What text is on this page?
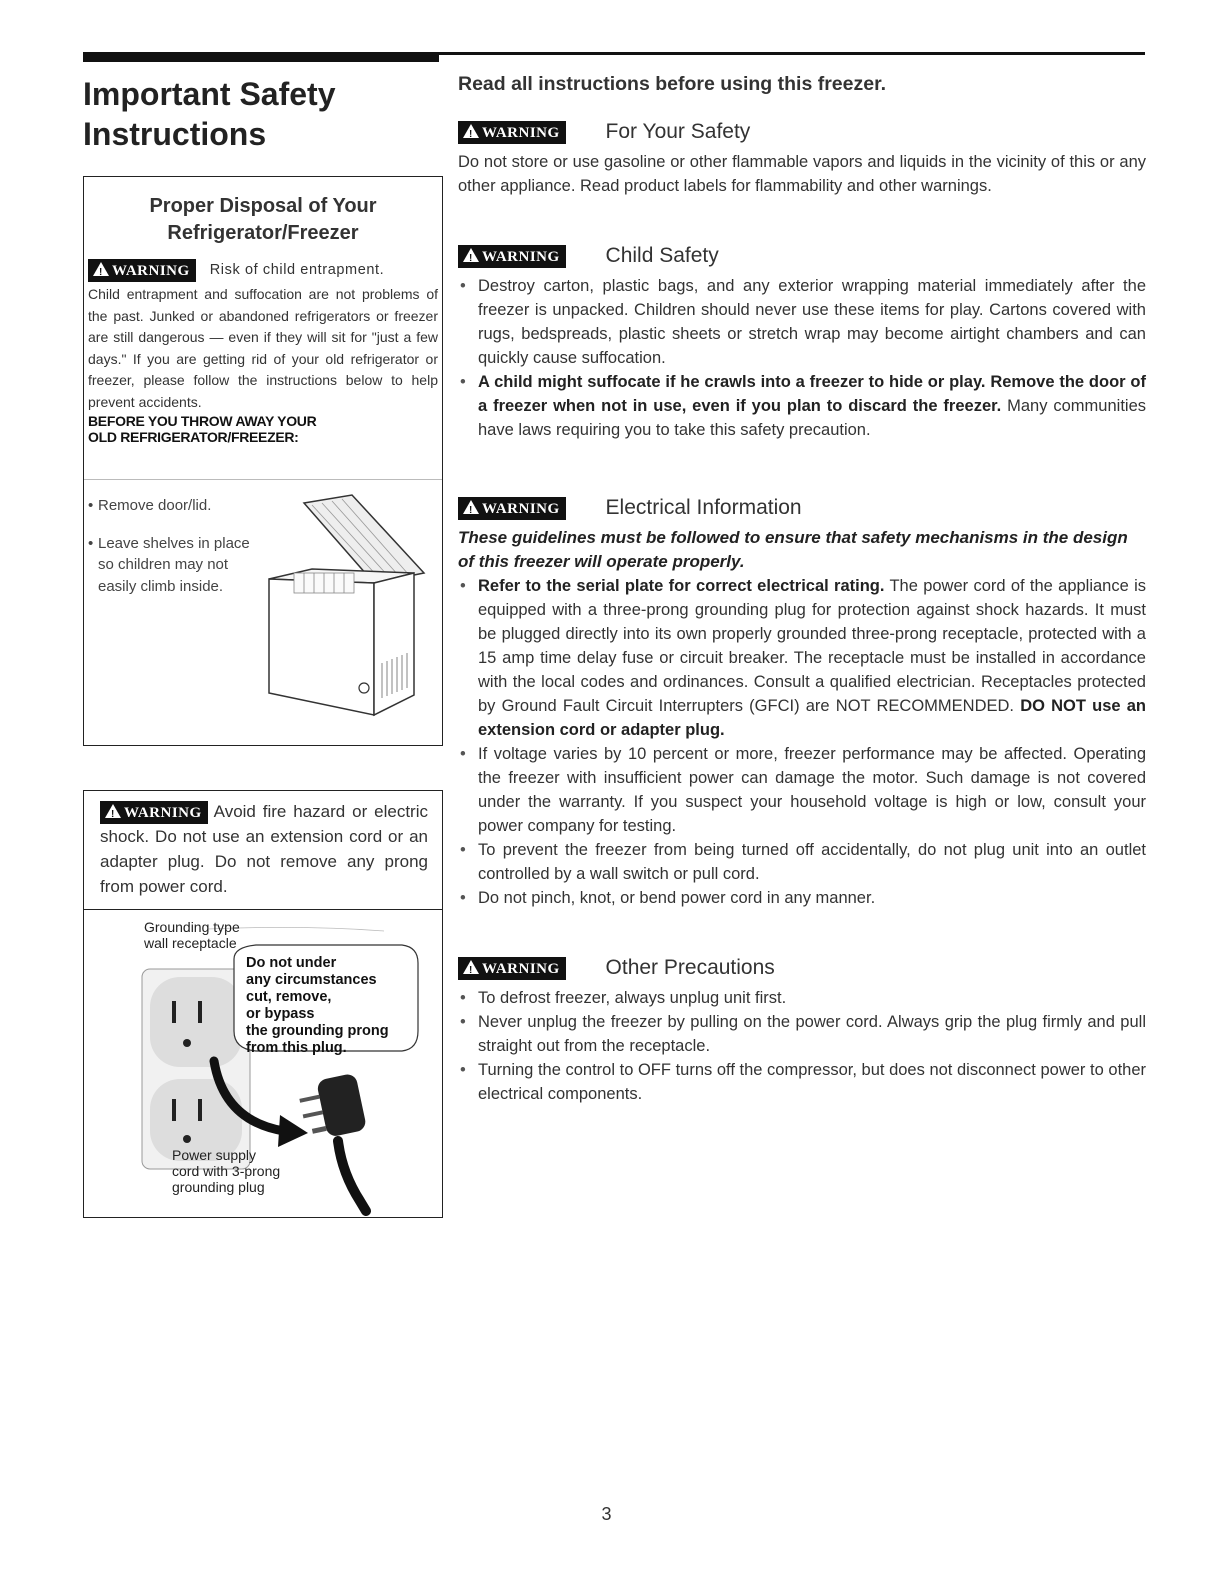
Important Safety
Instructions
Proper Disposal of Your
Refrigerator/Freezer
! WARNING Risk of child entrapment.
Child entrapment and suffocation are not problems of the past. Junked or abandoned refrigerators or freezer are still dangerous — even if they will sit for "just a few days." If you are getting rid of your old refrigerator or freezer, please follow the instructions below to help prevent accidents.
BEFORE YOU THROW AWAY YOUR
OLD REFRIGERATOR/FREEZER:
• Remove door/lid.
• Leave shelves in place so children may not easily climb inside.
! WARNING Avoid fire hazard or electric shock. Do not use an extension cord or an adapter plug. Do not remove any prong from power cord.
Grounding type
wall receptacle
Do not under
any circumstances
cut, remove,
or bypass
the grounding prong
from this plug.
Power supply
cord with 3-prong
grounding plug
Read all instructions before using this freezer.
! WARNING For Your Safety

Do not store or use gasoline or other flammable vapors and liquids in the vicinity of this or any other appliance. Read product labels for flammability and other warnings.

! WARNING Child Safety
• Destroy carton, plastic bags, and any exterior wrapping material immediately after the freezer is unpacked. Children should never use these items for play. Cartons covered with rugs, bedspreads, plastic sheets or stretch wrap may become airtight chambers and can quickly cause suffocation.
• A child might suffocate if he crawls into a freezer to hide or play. Remove the door of a freezer when not in use, even if you plan to discard the freezer. Many communities have laws requiring you to take this safety precaution.
! WARNING Electrical Information

These guidelines must be followed to ensure that safety mechanisms in the design of this freezer will operate properly.

• Refer to the serial plate for correct electrical rating. The power cord of the appliance is equipped with a three-prong grounding plug for protection against shock hazards. It must be plugged directly into its own properly grounded three-prong receptacle, protected with a 15 amp time delay fuse or circuit breaker. The receptacle must be installed in accordance with the local codes and ordinances. Consult a qualified electrician. Receptacles protected by Ground Fault Circuit Interrupters (GFCI) are NOT RECOMMENDED. DO NOT use an extension cord or adapter plug.
• If voltage varies by 10 percent or more, freezer performance may be affected. Operating the freezer with insufficient power can damage the motor. Such damage is not covered under the warranty. If you suspect your household voltage is high or low, consult your power company for testing.
• To prevent the freezer from being turned off accidentally, do not plug unit into an outlet controlled by a wall switch or pull cord.
• Do not pinch, knot, or bend power cord in any manner.
! WARNING Other Precautions
• To defrost freezer, always unplug unit first.
• Never unplug the freezer by pulling on the power cord. Always grip the plug firmly and pull straight out from the receptacle.
• Turning the control to OFF turns off the compressor, but does not disconnect power to other electrical components.
3
